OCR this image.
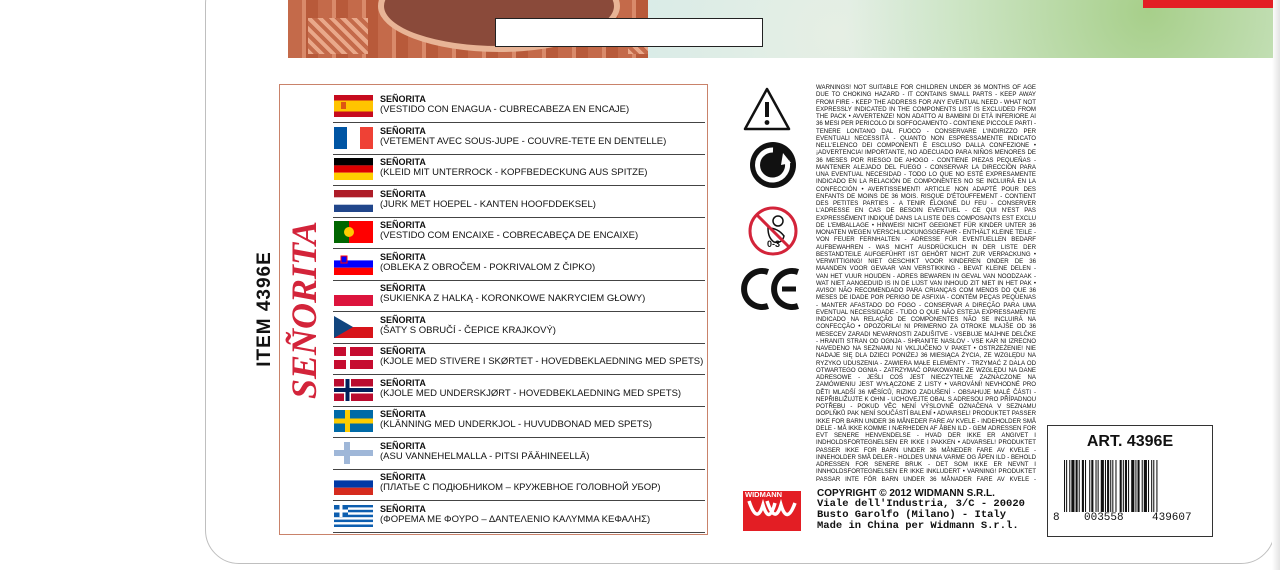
ITEM 4396E SEÑORITA
SEÑORITA
(VESTIDO CON ENAGUA - CUBRECABEZA EN ENCAJE)
SEÑORITA
(VETEMENT AVEC SOUS-JUPE - COUVRE-TETE EN DENTELLE)
SEÑORITA
(KLEID MIT UNTERROCK - KOPFBEDECKUNG AUS SPITZE)
SEÑORITA
(JURK MET HOEPEL - KANTEN HOOFDDEKSEL)
SEÑORITA
(VESTIDO COM ENCAIXE - COBRECABEÇA DE ENCAIXE)
SEÑORITA
(OBLEKA Z OBROČEM - POKRIVALOM Z ČIPKO)
SEÑORITA
(SUKIENKA Z HALKĄ - KORONKOWE NAKRYCIEM GŁOWY)
SEÑORITA
(ŠATY S OBRUČÍ - ČEPICE KRAJKOVÝ)
SEÑORITA
(KJOLE MED STIVERE I SKØRTET - HOVEDBEKLAEDNING MED SPETS)
SEÑORITA
(KJOLE MED UNDERSKJØRT - HOVEDBEKLAEDNING MED SPETS)
SEÑORITA
(KLÄNNING MED UNDERKJOL - HUVUDBONAD MED SPETS)
SEÑORITA
(ASU VANNEHELMALLA - PITSI PÄÄHINEELLÄ)
SEÑORITA
(ПЛАТЬЕ С ПОДЮБНИКОМ – КРУЖЕВНОЕ ГОЛОВНОЙ УБОР)
SEÑORITA
(ΦΟΡΕΜΑ ΜΕ ΦΟΥΡΟ – ΔΑΝΤΕΛΕΝΙΟ ΚΑΛΥΜΜΑ ΚΕΦΑΛΗΣ)
0-3

WARNINGS! NOT SUITABLE FOR CHILDREN UNDER 36 MONTHS OF AGE DUE TO CHOKING HAZARD - IT CONTAINS SMALL PARTS - KEEP AWAY FROM FIRE - KEEP THE ADDRESS FOR ANY EVENTUAL NEED - WHAT NOT EXPRESSLY INDICATED IN THE COMPONENTS LIST IS EXCLUDED FROM THE PACK • AVVERTENZE! NON ADATTO AI BAMBINI DI ETÀ INFERIORE AI 36 MESI PER PERICOLO DI SOFFOCAMENTO - CONTIENE PICCOLE PARTI - TENERE LONTANO DAL FUOCO - CONSERVARE L'INDIRIZZO PER EVENTUALI NECESSITÀ - QUANTO NON ESPRESSAMENTE INDICATO NELL'ELENCO DEI COMPONENTI È ESCLUSO DALLA CONFEZIONE • ¡ADVERTENCIA! IMPORTANTE, NO ADECUADO PARA NIÑOS MENORES DE 36 MESES POR RIESGO DE AHOGO - CONTIENE PIEZAS PEQUEÑAS - MANTENER ALEJADO DEL FUEGO - CONSERVAR LA DIRECCIÓN PARA UNA EVENTUAL NECESIDAD - TODO LO QUE NO ESTÉ EXPRESAMENTE INDICADO EN LA RELACIÓN DE COMPONENTES NO SE INCLUIRÁ EN LA CONFECCIÓN • AVERTISSEMENT! ARTICLE NON ADAPTÉ POUR DES ENFANTS DE MOINS DE 36 MOIS. RISQUE D'ÉTOUFFEMENT - CONTIENT DES PETITES PARTIES - A TENIR ÉLOIGNÉ DU FEU - CONSERVER L'ADRESSE EN CAS DE BESOIN EVENTUEL - CE QUI N'EST PAS EXPRESSÉMENT INDIQUÉ DANS LA LISTE DES COMPOSANTS EST EXCLU DE L'EMBALLAGE • HINWEIS! NICHT GEEIGNET FÜR KINDER UNTER 36 MONATEN WEGEN VERSCHLUCKUNGSGEFAHR - ENTHÄLT KLEINE TEILE - VON FEUER FERNHALTEN - ADRESSE FÜR EVENTUELLEN BEDARF AUFBEWAHREN - WAS NICHT AUSDRÜCKLICH IN DER LISTE DER BESTANDTEILE AUFGEFÜHRT IST GEHÖRT NICHT ZUR VERPACKUNG • VERWITTIGING! NIET GESCHIKT VOOR KINDEREN ONDER DE 36 MAANDEN VOOR GEVAAR VAN VERSTIKKING - BEVAT KLEINE DELEN - VAN HET VUUR HOUDEN - ADRES BEWAREN IN GEVAL VAN NOODZAAK - WAT NIET AANGEDUID IS IN DE LIJST VAN INHOUD ZIT NIET IN HET PAK • AVISO! NÃO RECOMENDADO PARA CRIANÇAS COM MENOS DO QUE 36 MESES DE IDADE POR PERIGO DE ASFIXIA - CONTÉM PEÇAS PEQUENAS - MANTER AFASTADO DO FOGO - CONSERVAR A DIREÇÃO PARA UMA EVENTUAL NECESSIDADE - TUDO O QUE NÃO ESTEJA EXPRESSAMENTE INDICADO NA RELAÇÃO DE COMPONENTES NÃO SE INCLUIRÁ NA CONFECÇÃO • OPOZORILA! NI PRIMERNO ZA OTROKE MLAJŠE OD 36 MESECEV ZARADI NEVARNOSTI ZADUŠITVE - VSEBUJE MAJHNE DELČKE - HRANITI STRAN OD OGNJA - SHRANITE NASLOV - VSE KAR NI IZRECNO NAVEDENO NA SEZNAMU NI VKLJUČENO V PAKET • OSTRZEŻENIE! NIE NADAJE SIĘ DLA DZIECI PONIŻEJ 36 MIESIĄCA ŻYCIA, ZE WZGLĘDU NA RYZYKO UDUSZENIA - ZAWIERA MAŁE ELEMENTY - TRZYMAĆ Z DALA OD OTWARTEGO OGNIA - ZATRZYMAĆ OPAKOWANIE ZE WZGLĘDU NA DANE ADRESOWE - JEŚLI COŚ JEST NIECZYTELNE ZAZNACZONE NA ZAMÓWIENIU JEST WYŁĄCZONE Z LISTY • VAROVÁNÍ! NEVHODNÉ PRO DĚTI MLADŠÍ 36 MĚSÍCŮ, RIZIKO ZADUŠENÍ - OBSAHUJE MALÉ ČÁSTI - NEPŘIBLIŽUJTE K OHNI - UCHOVEJTE OBAL S ADRESOU PRO PŘÍPADNOU POTŘEBU - POKUD VĚC NENÍ VÝSLOVNĚ OZNAČENA V SEZNAMU DOPLŇKŮ PAK NENÍ SOUČÁSTÍ BALENÍ • ADVARSEL! PRODUKTET PASSER IKKE FOR BARN UNDER 36 MÅNEDER FARE AV KVELE - INDEHOLDER SMÅ DELE - MÅ IKKE KOMME I NÆRHEDEN AF ÅBEN ILD - GEM ADRESSEN FOR EVT SENERE HENVENDELSE - HVAD DER IKKE ER ANGIVET I INDHOLDSFORTEGNELSEN ER IKKE I PAKKEN • ADVARSEL! PRODUKTET PASSER IKKE FOR BARN UNDER 36 MÅNEDER FARE AV KVELE - INNEHOLDER SMÅ DELER - HOLDES UNNA VARME OG ÅPEN ILD - BEHOLD ADRESSEN FOR SENERE BRUK - DET SOM IKKE ER NEVNT I INNHOLDSFORTEGNELSEN ER IKKE INKLUDERT • VARNING! PRODUKTET PASSAR INTE FÖR BARN UNDER 36 MÅNADER FARE AV KVELE -

ART. 4396E
8 003558	439607
WIDMANN	COPYRIGHT © 2012 WIDMANN S.R.L.
Viale dell'Industria, 3/C - 20020
Busto Garolfo (Milano) - Italy
Made in China per Widmann S.r.l.
